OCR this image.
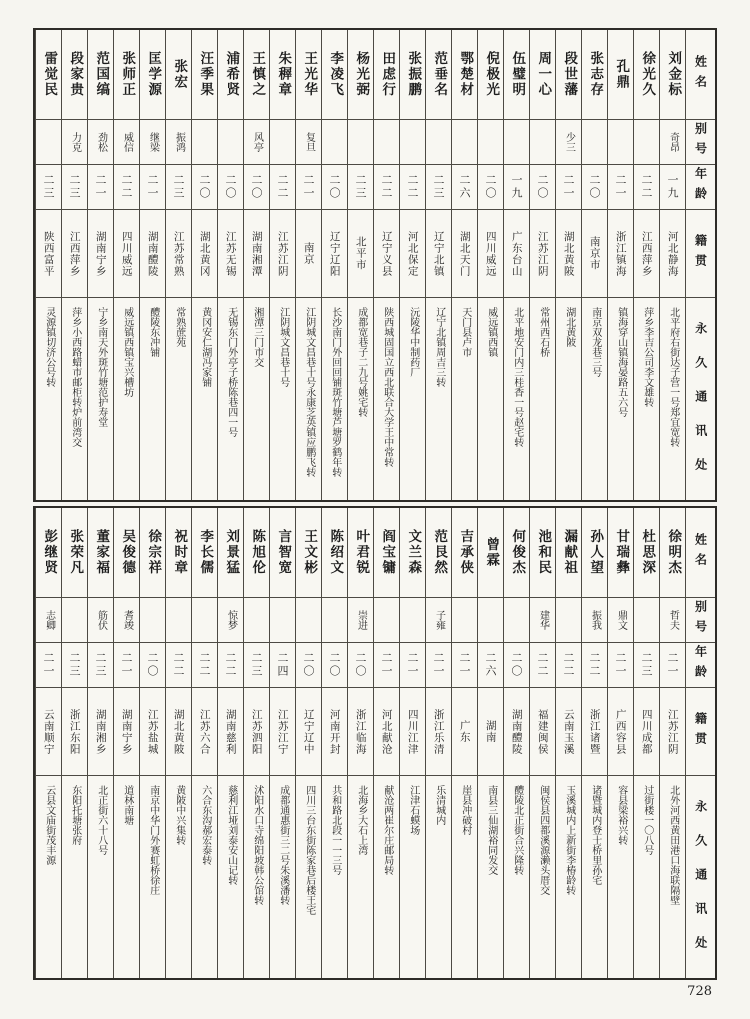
姓名
别号
年龄
籍贯
永久通讯处
刘金标
奇昂
一九
河北静海
北平府右街达子营一号郑宜宽转
徐光久
二二
江西萍乡
萍乡李吉公司李文雄转
孔鼎
二一
浙江镇海
镇海穿山镇海晏路五六号
张志存
二〇
南京市
南京双龙巷三号
段世藩
少三
二一
湖北黄陂
湖北黄陂
周一心
二〇
江苏江阴
常州西石桥
伍璧明
一九
广东台山
北平地安门内三桂香一号赵宅转
倪极光
二〇
四川威远
威远镇西镇
鄂楚材
二六
湖北天门
天门县卢市
范垂名
二三
辽宁北镇
辽宁北镇周吉三转
张振鹏
二二
河北保定
沅陵华中制药厂
田虑行
二二
辽宁义县
陕西城固国立西北联合大学王中常转
杨光弼
二三
北平市
成都宽巷子二九号姚宅转
李凌飞
二〇
辽宁辽阳
长沙南门外回回铺斑竹塘芦塘罗鹤年转
王光华
复旦
二一
南京
江阴城文昌巷十号永康芝英镇应鹏飞转
朱稺章
二二
江苏江阴
江阴城文昌巷十号
王慎之
风亭
二〇
湖南湘潭
湘潭三门市交
浦希贤
二〇
江苏无锡
无锡东门外亭子桥陈巷四一号
汪季果
二〇
湖北黄冈
黄冈安仁湖冯家铺
张宏
振鸿
二三
江苏常熟
常熟蔗苑
匡学源
继梁
二一
湖南醴陵
醴陵东冲铺
张师正
威信
二二
四川威远
威远镇西镇宝兴槽坊
范国缟
劲松
二一
湖南宁乡
宁乡南天外斑竹塘范护寿堂
段家贵
力克
二三
江西萍乡
萍乡小西路蜡市邮柜转炉前湾交
雷觉民
二三
陕西富平
灵源镇切济公号转
姓名
别号
年龄
籍贯
永久通讯处
徐明杰
哲夫
二一
江苏江阴
北外河西黄田港口海联隔壁
杜思深
二三
四川成都
过街楼一〇八号
甘瑞彝
鼎文
二一
广西容县
容县梁裕兴转
孙人望
振我
二二
浙江诸暨
诸暨城内登士桥里孙宅
漏献祖
二二
云南玉溪
玉溪城内上新街李椿龄转
池和民
建华
二二
福建闽侯
闽侯县四都溪源濑头厝交
何俊杰
二〇
湖南醴陵
醴陵北正街合兴隆转
曾霖
二六
湖南
南县三仙湖裕同发交
吉承侠
二一
广东
崖县冲破村
范艮然
子雍
二一
浙江乐清
乐清城内
文兰森
二一
四川江津
江津石蟆场
阎宝镛
二一
河北献沧
献沧两崔尔庄邮局转
叶君锐
崇进
二〇
浙江临海
北海乡大石上湾
陈绍文
二〇
河南开封
共和路北段一一三号
王文彬
二〇
辽宁辽中
四川三台东街陈家巷后楼王宅
言智宽
二四
江苏江宁
成都通惠街三二号朱溪潘转
陈旭伦
二三
江苏泗阳
沭阳水口寺绵阳坡韩公馆转
刘景猛
惊梦
二二
湖南慈利
慈利江垭刘泰安山记转
李长儒
二二
江苏六合
六合东沟郝宏泰转
祝时章
二二
湖北黄陂
黄陂中兴集转
徐宗祥
二〇
江苏盐城
南京中华门外赛虹桥徐庄
吴俊德
耆竣
二一
湖南宁乡
道林南塘
董家福
筋伏
二三
湖南湘乡
北正街六十八号
张荣凡
二三
浙江东阳
东阳托塘张府
彭继贤
志卿
二一
云南顺宁
云县文庙街茂丰源
728
